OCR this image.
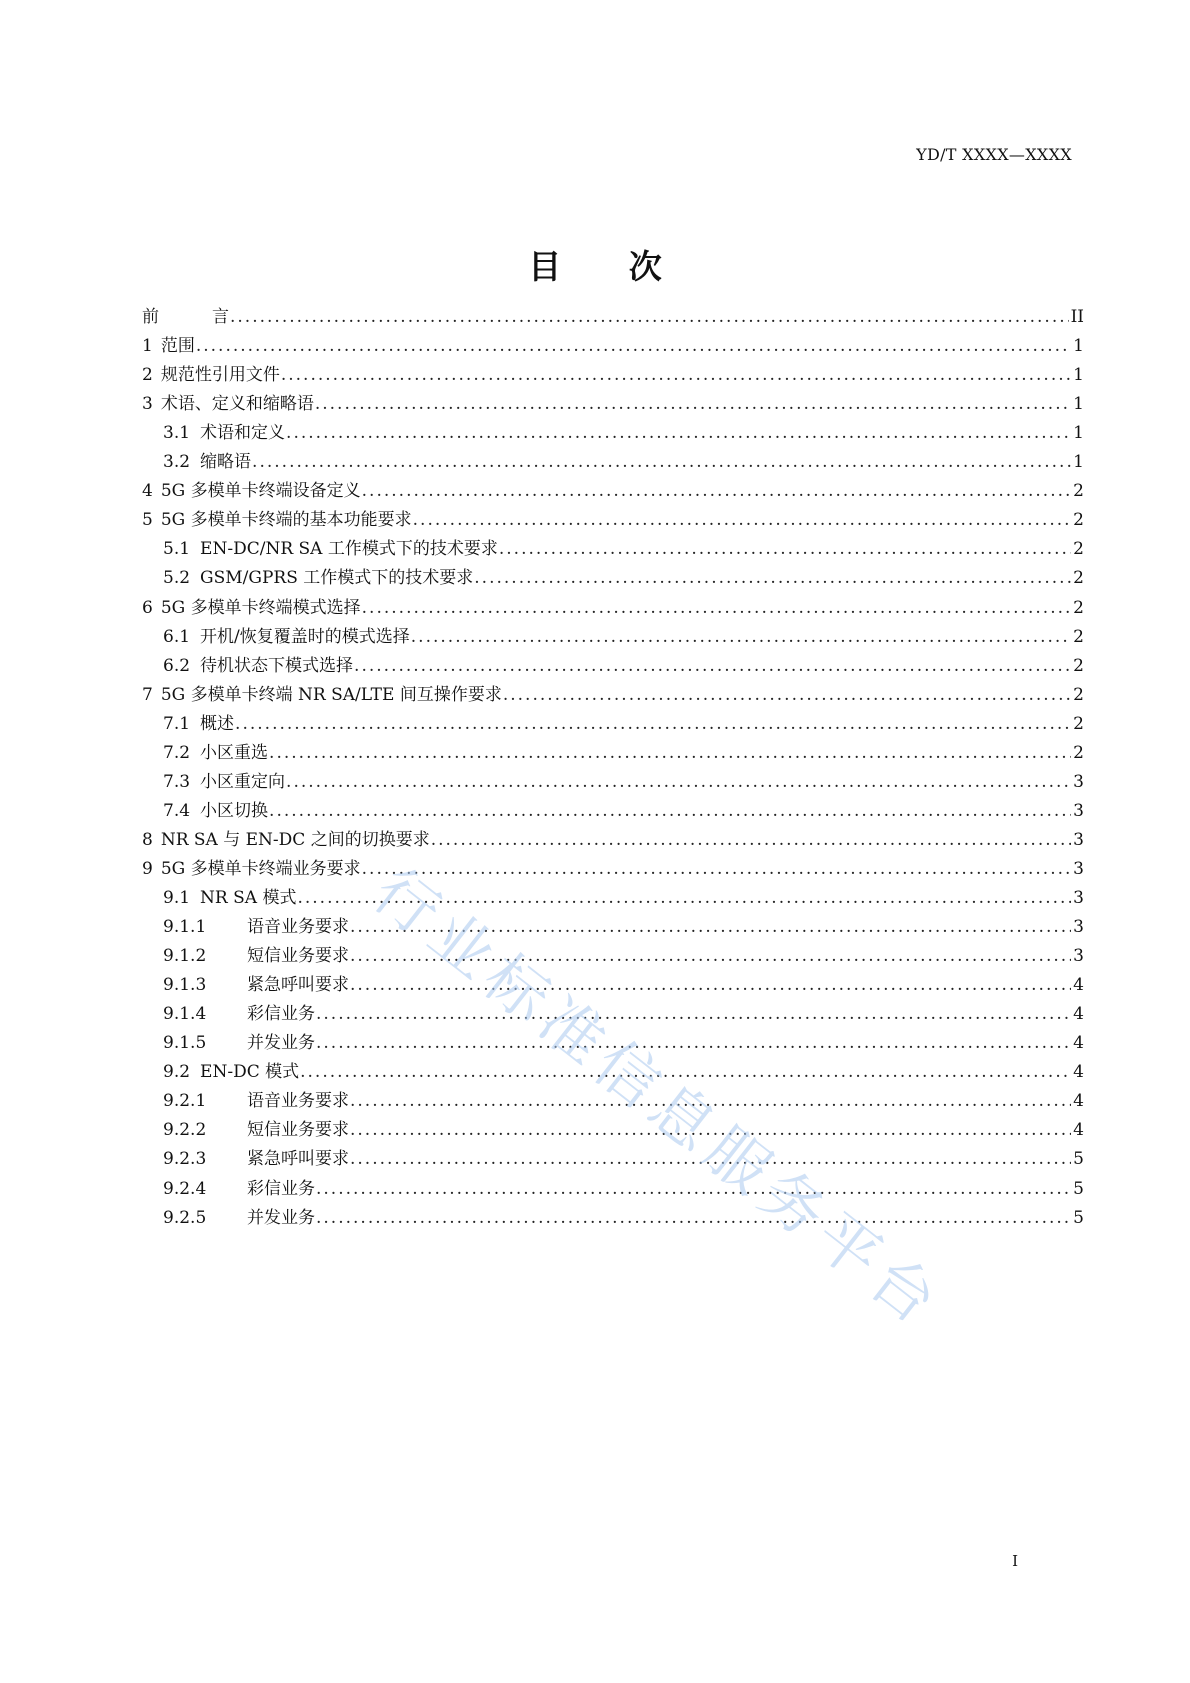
YD/T XXXX—XXXX
目 次
前	言 .....	II
1 范围 .....	1
2 规范性引用文件 .....	1
3 术语、定义和缩略语 .....	1
3.1 术语和定义 .....	1
3.2 缩略语 .....	1
4 5G 多模单卡终端设备定义 .....	2
5 5G 多模单卡终端的基本功能要求 .....	2
5.1 EN-DC/NR SA 工作模式下的技术要求 .....	2
5.2 GSM/GPRS 工作模式下的技术要求 .....	2
6 5G 多模单卡终端模式选择 .....	2
6.1 开机/恢复覆盖时的模式选择 .....	2
6.2 待机状态下模式选择 .....	2
7 5G 多模单卡终端 NR SA/LTE 间互操作要求 .....	2
7.1 概述 .....	2
7.2 小区重选 .....	2
7.3 小区重定向 .....	3
7.4 小区切换 .....	3
8 NR SA 与 EN-DC 之间的切换要求 .....	3
9 5G 多模单卡终端业务要求 .....	3
9.1 NR SA 模式 .....	3
9.1.1	语音业务要求 .....	3
9.1.2	短信业务要求 .....	3
9.1.3	紧急呼叫要求 .....	4
9.1.4	彩信业务 .....	4
9.1.5	并发业务 .....	4
9.2 EN-DC 模式 .....	4
9.2.1	语音业务要求 .....	4
9.2.2	短信业务要求 .....	4
9.2.3	紧急呼叫要求 .....	5
9.2.4	彩信业务 .....	5
9.2.5	并发业务 .....	5
I
行业标准信息服务平台
